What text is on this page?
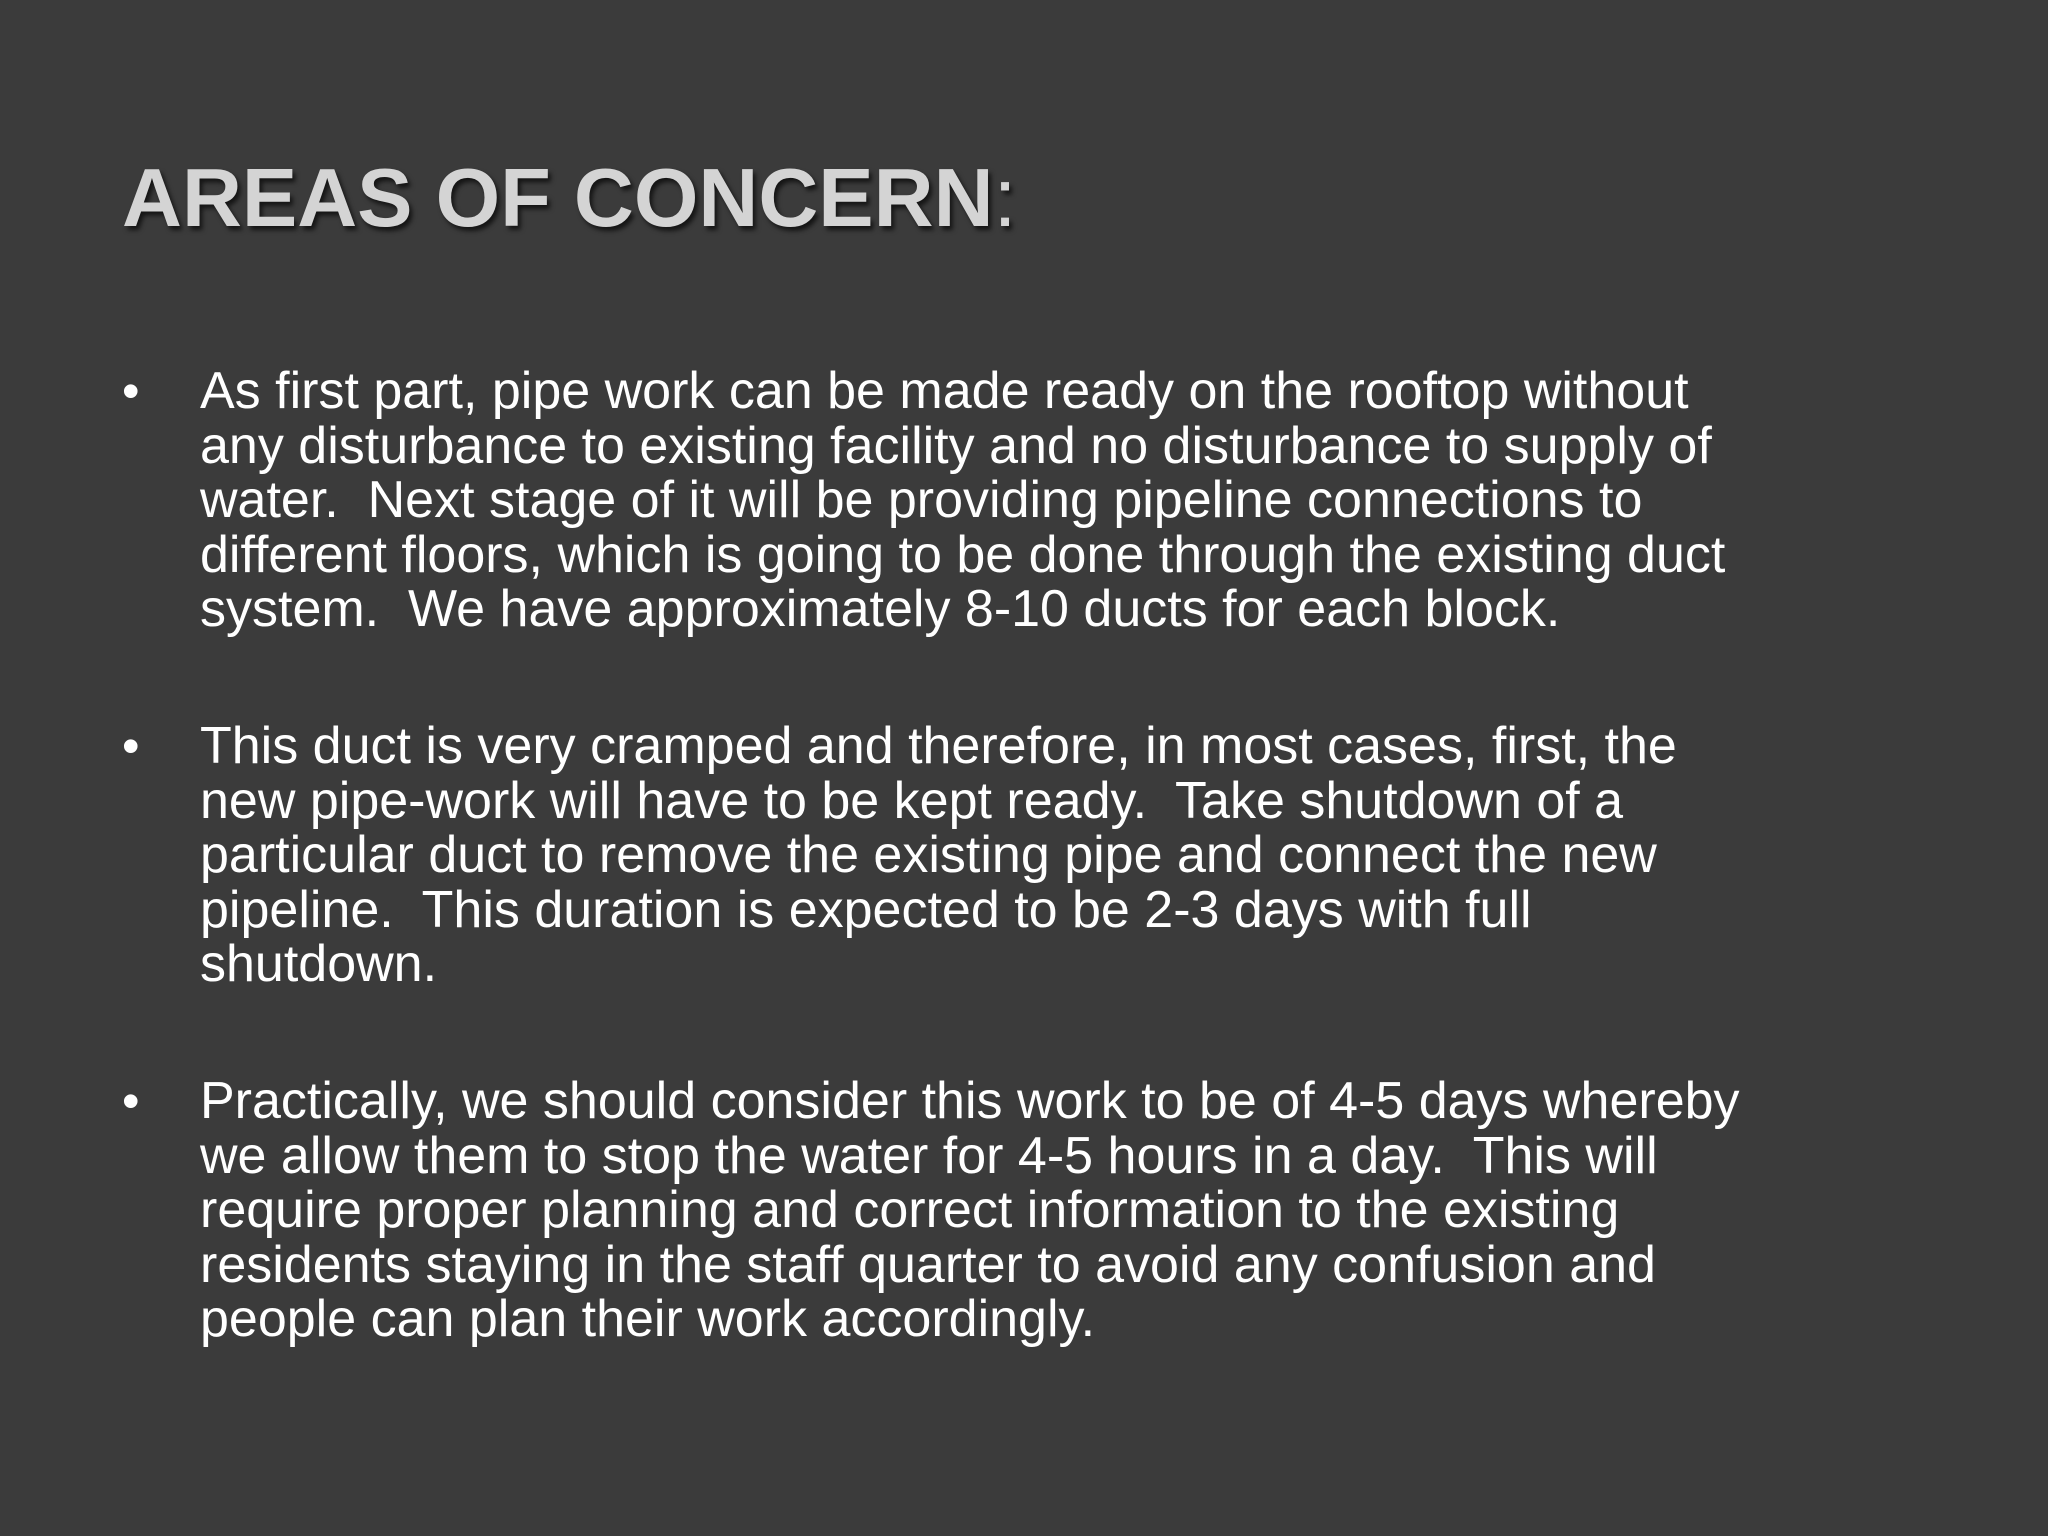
AREAS OF CONCERN:
• As first part, pipe work can be made ready on the rooftop without
any disturbance to existing facility and no disturbance to supply of
water.  Next stage of it will be providing pipeline connections to
different floors, which is going to be done through the existing duct
system.  We have approximately 8-10 ducts for each block.
• This duct is very cramped and therefore, in most cases, first, the
new pipe-work will have to be kept ready.  Take shutdown of a
particular duct to remove the existing pipe and connect the new
pipeline.  This duration is expected to be 2-3 days with full
shutdown.
• Practically, we should consider this work to be of 4-5 days whereby
we allow them to stop the water for 4-5 hours in a day.  This will
require proper planning and correct information to the existing
residents staying in the staff quarter to avoid any confusion and
people can plan their work accordingly.
